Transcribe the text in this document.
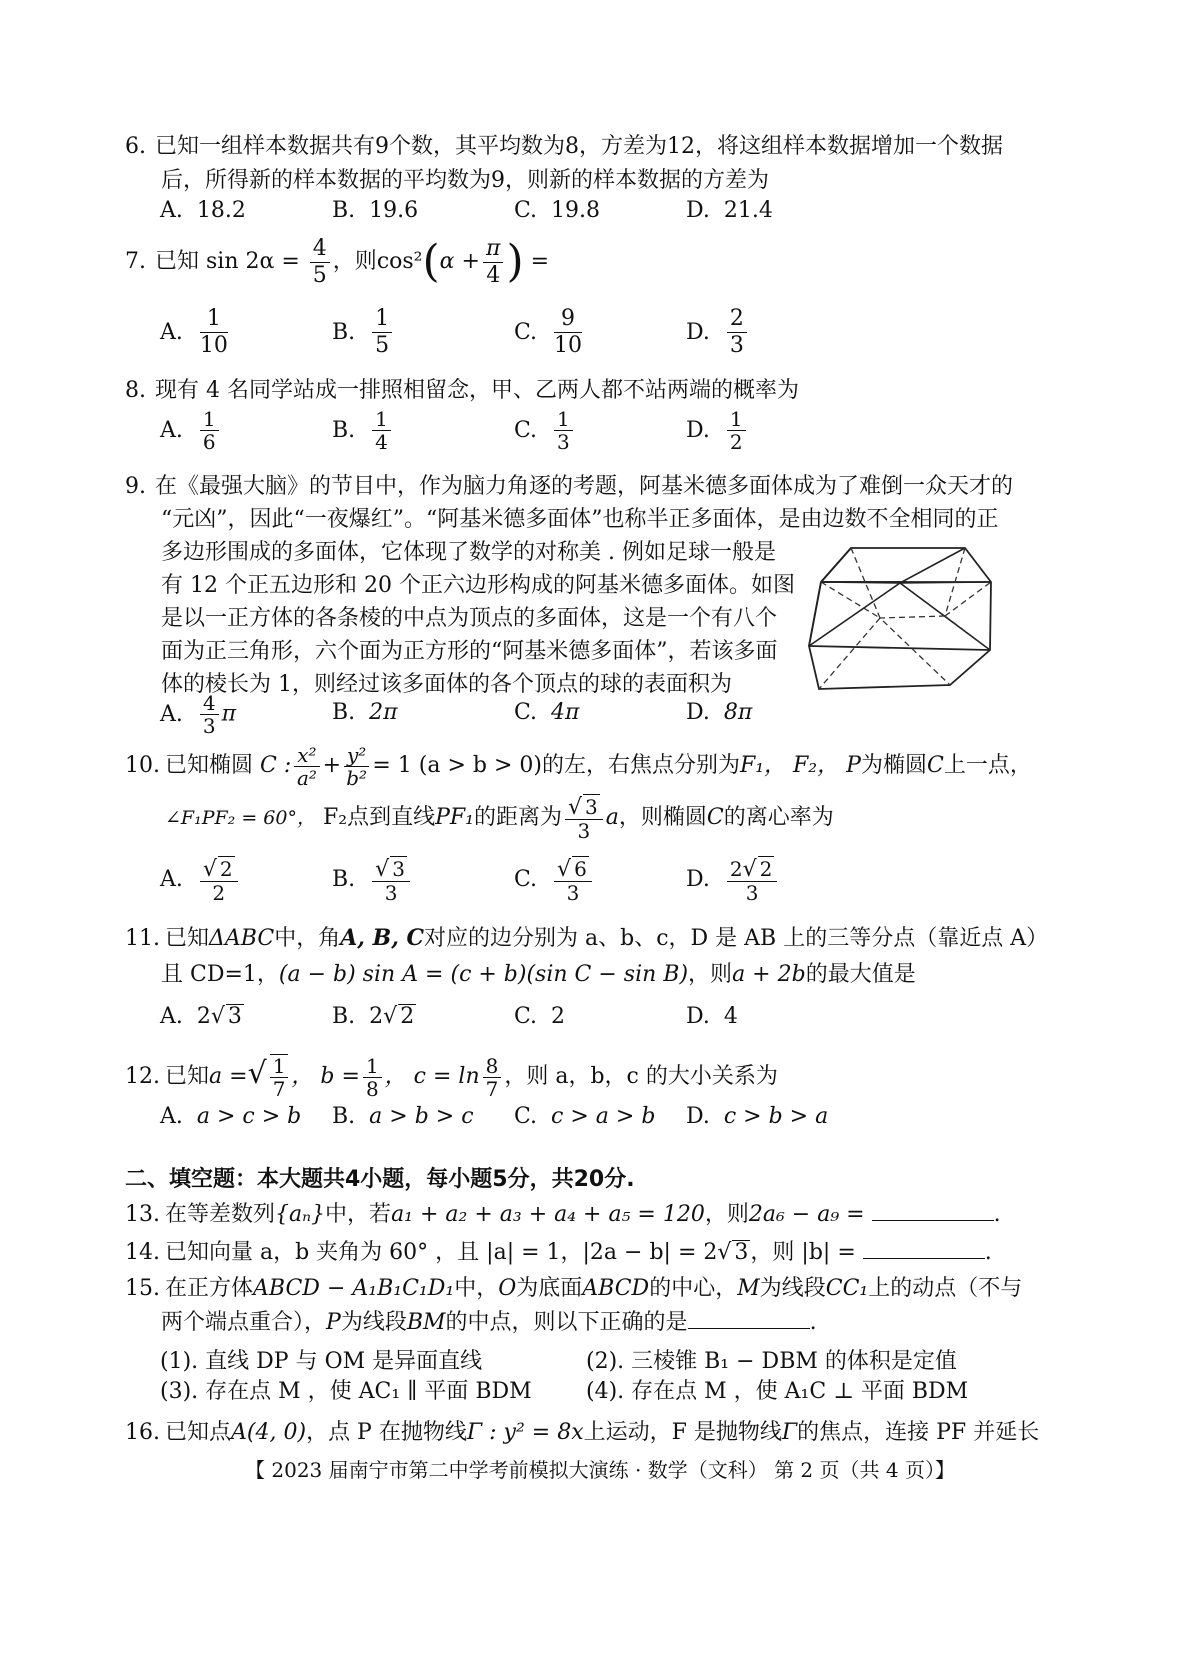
6. 已知一组样本数据共有9个数，其平均数为8，方差为12，将这组样本数据增加一个数据
后，所得新的样本数据的平均数为9，则新的样本数据的方差为
A. 18.2	B. 19.6	C. 19.8	D. 21.4
7. 已知 $\sin 2\alpha = \frac{4}{5}$ ，则$\cos^2(\alpha + \frac{\pi}{4}$ ) =
A. $\frac{1}{10}$	B. $\frac{1}{5}$	C. $\frac{9}{10}$	D. $\frac{2}{3}$
8. 现有 4 名同学站成一排照相留念，甲、乙两人都不站两端的概率为
A. $\frac{1}{6}$	B. $\frac{1}{4}$	C. $\frac{1}{3}$	D. $\frac{1}{2}$
9. 在《最强大脑》的节目中，作为脑力角逐的考题，阿基米德多面体成为了难倒一众天才的
“元凶”，因此“一夜爆红”。“阿基米德多面体”也称半正多面体，是由边数不全相同的正
多边形围成的多面体，它体现了数学的对称美 . 例如足球一般是
有 12 个正五边形和 20 个正六边形构成的阿基米德多面体。如图
是以一正方体的各条棱的中点为顶点的多面体，这是一个有八个
面为正三角形，六个面为正方形的“阿基米德多面体”，若该多面
体的棱长为 1，则经过该多面体的各个顶点的球的表面积为
A. $\frac{4}{3}$ π	B. 2π	C. 4π	D. 8π
10. 已知椭圆 C : $\frac{\text{x²}}{\text{a²}} + \frac{\text{y²}}{\text{b²}} = 1$ (a > b > 0)的左，右焦点分别为F₁， F₂， P为椭圆C上一点，
∠F₁PF₂ = 60°， F₂点到直线PF₁的距离为 $\frac{√ 3}{3}$ a，则椭圆C的离心率为
A. $\frac{√ 2}{2}$	B. $\frac{√ 3}{3}$	C. $\frac{√ 6}{3}$	D. $\frac{2√ 2}{3}$
11. 已知ΔABC中，角A, B, C对应的边分别为 a、b、c，D 是 AB 上的三等分点（靠近点 A）
且 CD=1，(a − b) sin A = (c + b)(sin C − sin B)，则a + 2b的最大值是
A. 2√ 3	B. 2√ 2	C. 2	D. 4
12. 已知a =√ $\frac{1}{7}$ ， $b = \frac{1}{8}$ ， $c = \ln \frac{8}{7}$ ，则 a，b，c 的大小关系为
A. a > c > b B. a > b > c C. c > a > b D. c > b > a
二、填空题：本大题共4小题，每小题5分，共20分.
13. 在等差数列{aₙ}中，若a₁ + a₂ + a₃ + a₄ + a₅ = 120，则2a₆ − a₉ =	.
14. 已知向量 a，b 夹角为 60° ，且 |a| = 1，|2a − b| = 2√ 3，则 |b| =	.
15. 在正方体ABCD − A₁B₁C₁D₁中，O为底面ABCD的中心，M为线段CC₁上的动点（不与
两个端点重合），P为线段BM的中点，则以下正确的是	.
(1). 直线 DP 与 OM 是异面直线	(2). 三棱锥 B₁ − DBM 的体积是定值
(3). 存在点 M ，使 AC₁ ∥ 平面 BDM (4). 存在点 M ，使 A₁C ⊥ 平面 BDM
16. 已知点A(4, 0)，点 P 在抛物线Γ : y² = 8x上运动，F 是抛物线Γ的焦点，连接 PF 并延长
【 2023 届南宁市第二中学考前模拟大演练 · 数学（文科） 第 2 页（共 4 页）】
